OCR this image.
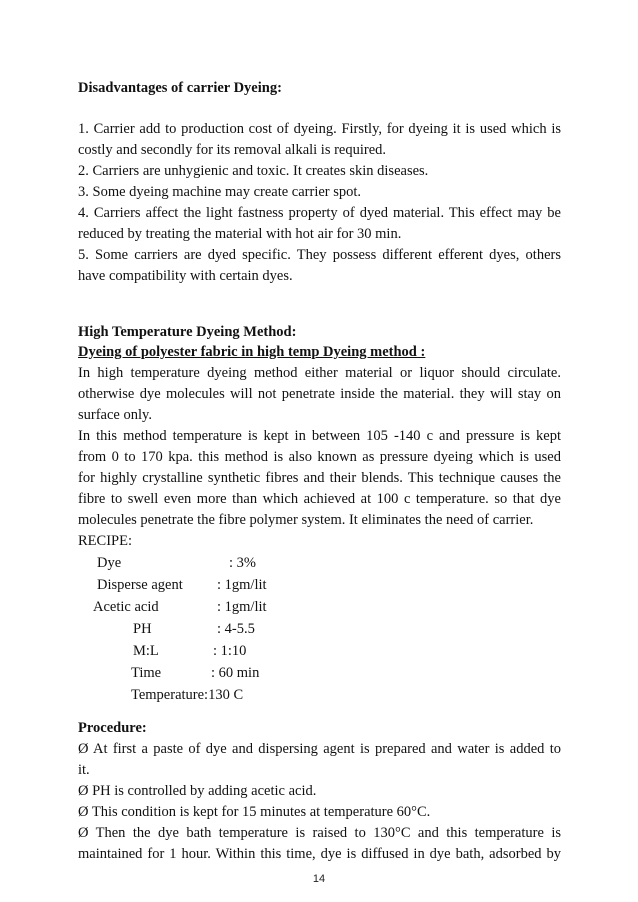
Disadvantages of carrier Dyeing:
1. Carrier add to production cost of dyeing. Firstly, for dyeing it is used which is
costly and secondly for its removal alkali is required.
2. Carriers are unhygienic and toxic. It creates skin diseases.
3. Some dyeing machine may create carrier spot.
4. Carriers affect the light fastness property of dyed material. This effect may be
reduced by treating the material with hot air for 30 min.
5. Some carriers are dyed specific. They possess different efferent dyes, others
have compatibility with certain dyes.
High Temperature Dyeing Method:
Dyeing of polyester fabric in high temp Dyeing method :
In high temperature dyeing method either material or liquor should circulate.
otherwise dye molecules will not penetrate inside the material. they will stay on
surface only.
In this method temperature is kept in between 105 -140 c and pressure is kept
from 0 to 170 kpa. this method is also known as pressure dyeing which is used
for highly crystalline synthetic fibres and their blends. This technique causes the
fibre to swell even more than which achieved at 100 c temperature. so that dye
molecules penetrate the fibre polymer system. It eliminates the need of carrier.
RECIPE:
Dye	: 3%
Disperse agent : 1gm/lit
Acetic acid	: 1gm/lit
PH	: 4-5.5
M:L	: 1:10
Time	: 60 min
Temperature:130 C
Procedure:
Ø At first a paste of dye and dispersing agent is prepared and water is added to
it.
Ø PH is controlled by adding acetic acid.
Ø This condition is kept for 15 minutes at temperature 60°C.
Ø Then the dye bath temperature is raised to 130°C and this temperature is
maintained for 1 hour. Within this time, dye is diffused in dye bath, adsorbed by
14
